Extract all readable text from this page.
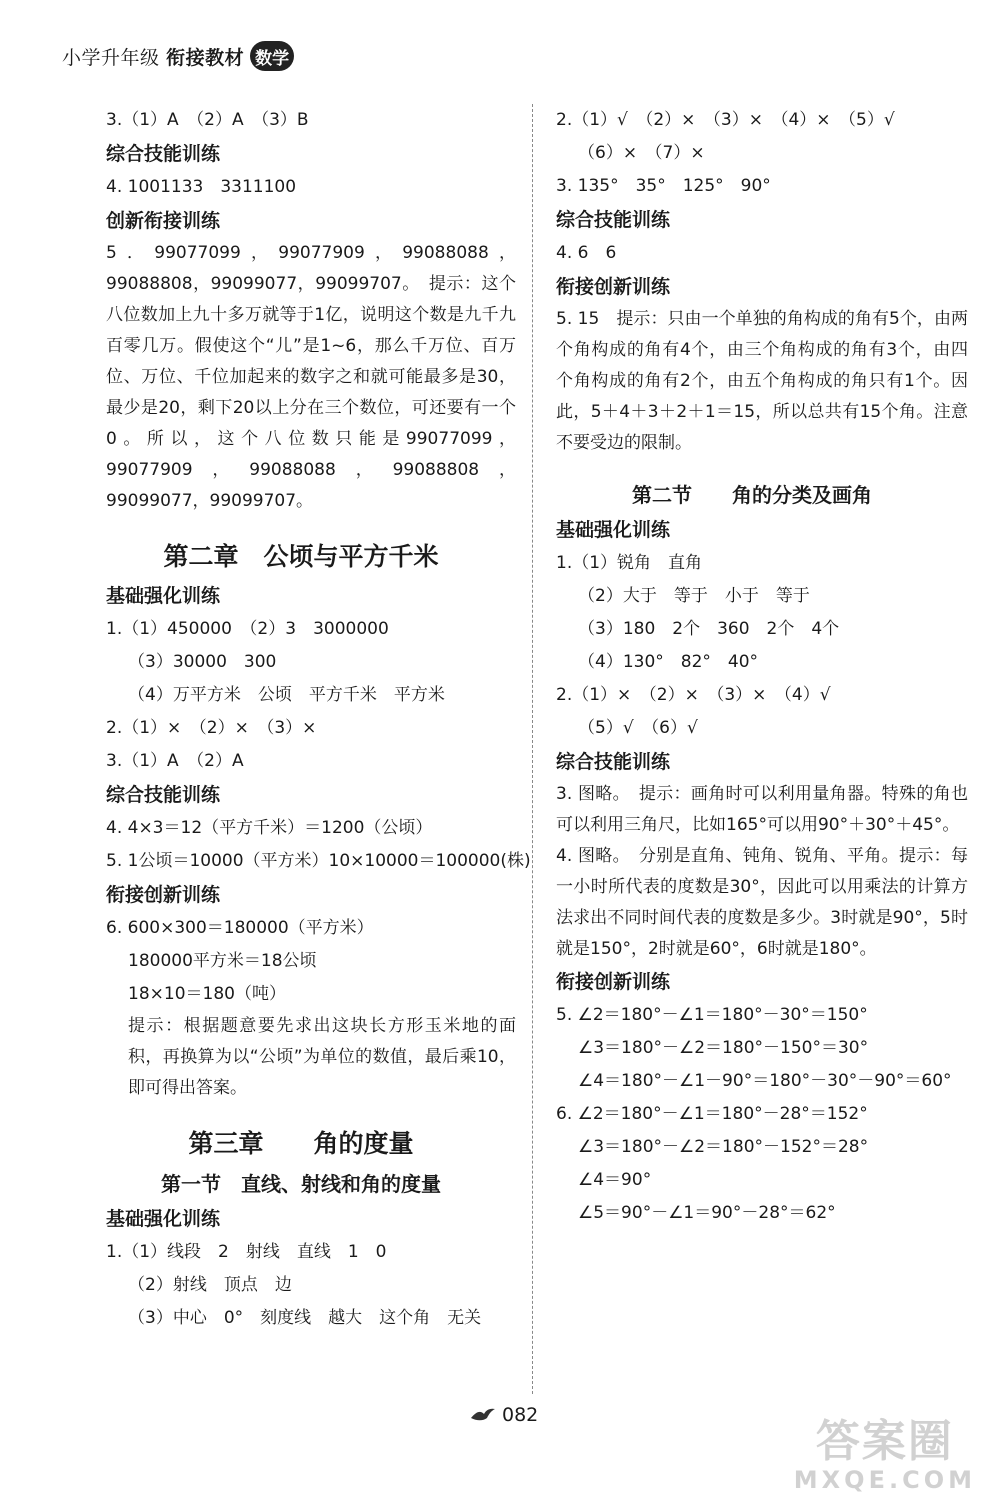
小学升年级 衔接教材 数学
3.（1）A　（2）A　（3）B
综合技能训练
4. 1001133　3311100
创新衔接训练
5．99077099，99077909，99088088，99088808，99099077，99099707。　提示：这个八位数加上九十多万就等于1亿，说明这个数是九千九百零几万。假使这个“儿”是1~6，那么千万位、百万位、万位、千位加起来的数字之和就可能最多是30，最少是20，剩下20以上分在三个数位，可还要有一个0。所以，这个八位数只能是99077099，99077909，99088088，99088808，99099077，99099707。
第二章　公顷与平方千米
基础强化训练
1.（1）450000　（2）3　3000000
（3）30000　300
（4）万平方米　公顷　平方千米　平方米
2.（1）×　（2）×　（3）×
3.（1）A　（2）A
综合技能训练
4. 4×3＝12（平方千米）＝1200（公顷）
5. 1公顷＝10000（平方米）10×10000＝100000(株)
衔接创新训练
6. 600×300＝180000（平方米）
180000平方米＝18公顷
18×10＝180（吨）
提示：根据题意要先求出这块长方形玉米地的面积，再换算为以“公顷”为单位的数值，最后乘10，即可得出答案。
第三章　　角的度量
第一节　直线、射线和角的度量
基础强化训练
1.（1）线段　2　射线　直线　1　0
（2）射线　顶点　边
（3）中心　0°　刻度线　越大　这个角　无关
2.（1）√　（2）×　（3）×　（4）×　（5）√
（6）×　（7）×
3. 135°　35°　125°　90°
综合技能训练
4. 6　6
衔接创新训练
5. 15　提示：只由一个单独的角构成的角有5个，由两个角构成的角有4个，由三个角构成的角有3个，由四个角构成的角有2个，由五个角构成的角只有1个。因此，5＋4＋3＋2＋1＝15，所以总共有15个角。注意不要受边的限制。
第二节　　角的分类及画角
基础强化训练
1.（1）锐角　直角
（2）大于　等于　小于　等于
（3）180　2个　360　2个　4个
（4）130°　82°　40°
2.（1）×　（2）×　（3）×　（4）√
（5）√　（6）√
综合技能训练
3. 图略。　提示：画角时可以利用量角器。特殊的角也可以利用三角尺，比如165°可以用90°＋30°＋45°。
4. 图略。　分别是直角、钝角、锐角、平角。提示：每一小时所代表的度数是30°，因此可以用乘法的计算方法求出不同时间代表的度数是多少。3时就是90°，5时就是150°，2时就是60°，6时就是180°。
衔接创新训练
5. ∠2＝180°－∠1＝180°－30°＝150°
∠3＝180°－∠2＝180°－150°＝30°
∠4＝180°－∠1－90°＝180°－30°－90°＝60°
6. ∠2＝180°－∠1＝180°－28°＝152°
∠3＝180°－∠2＝180°－152°＝28°
∠4＝90°
∠5＝90°－∠1＝90°－28°＝62°
082
答案圈
MXQE.COM
